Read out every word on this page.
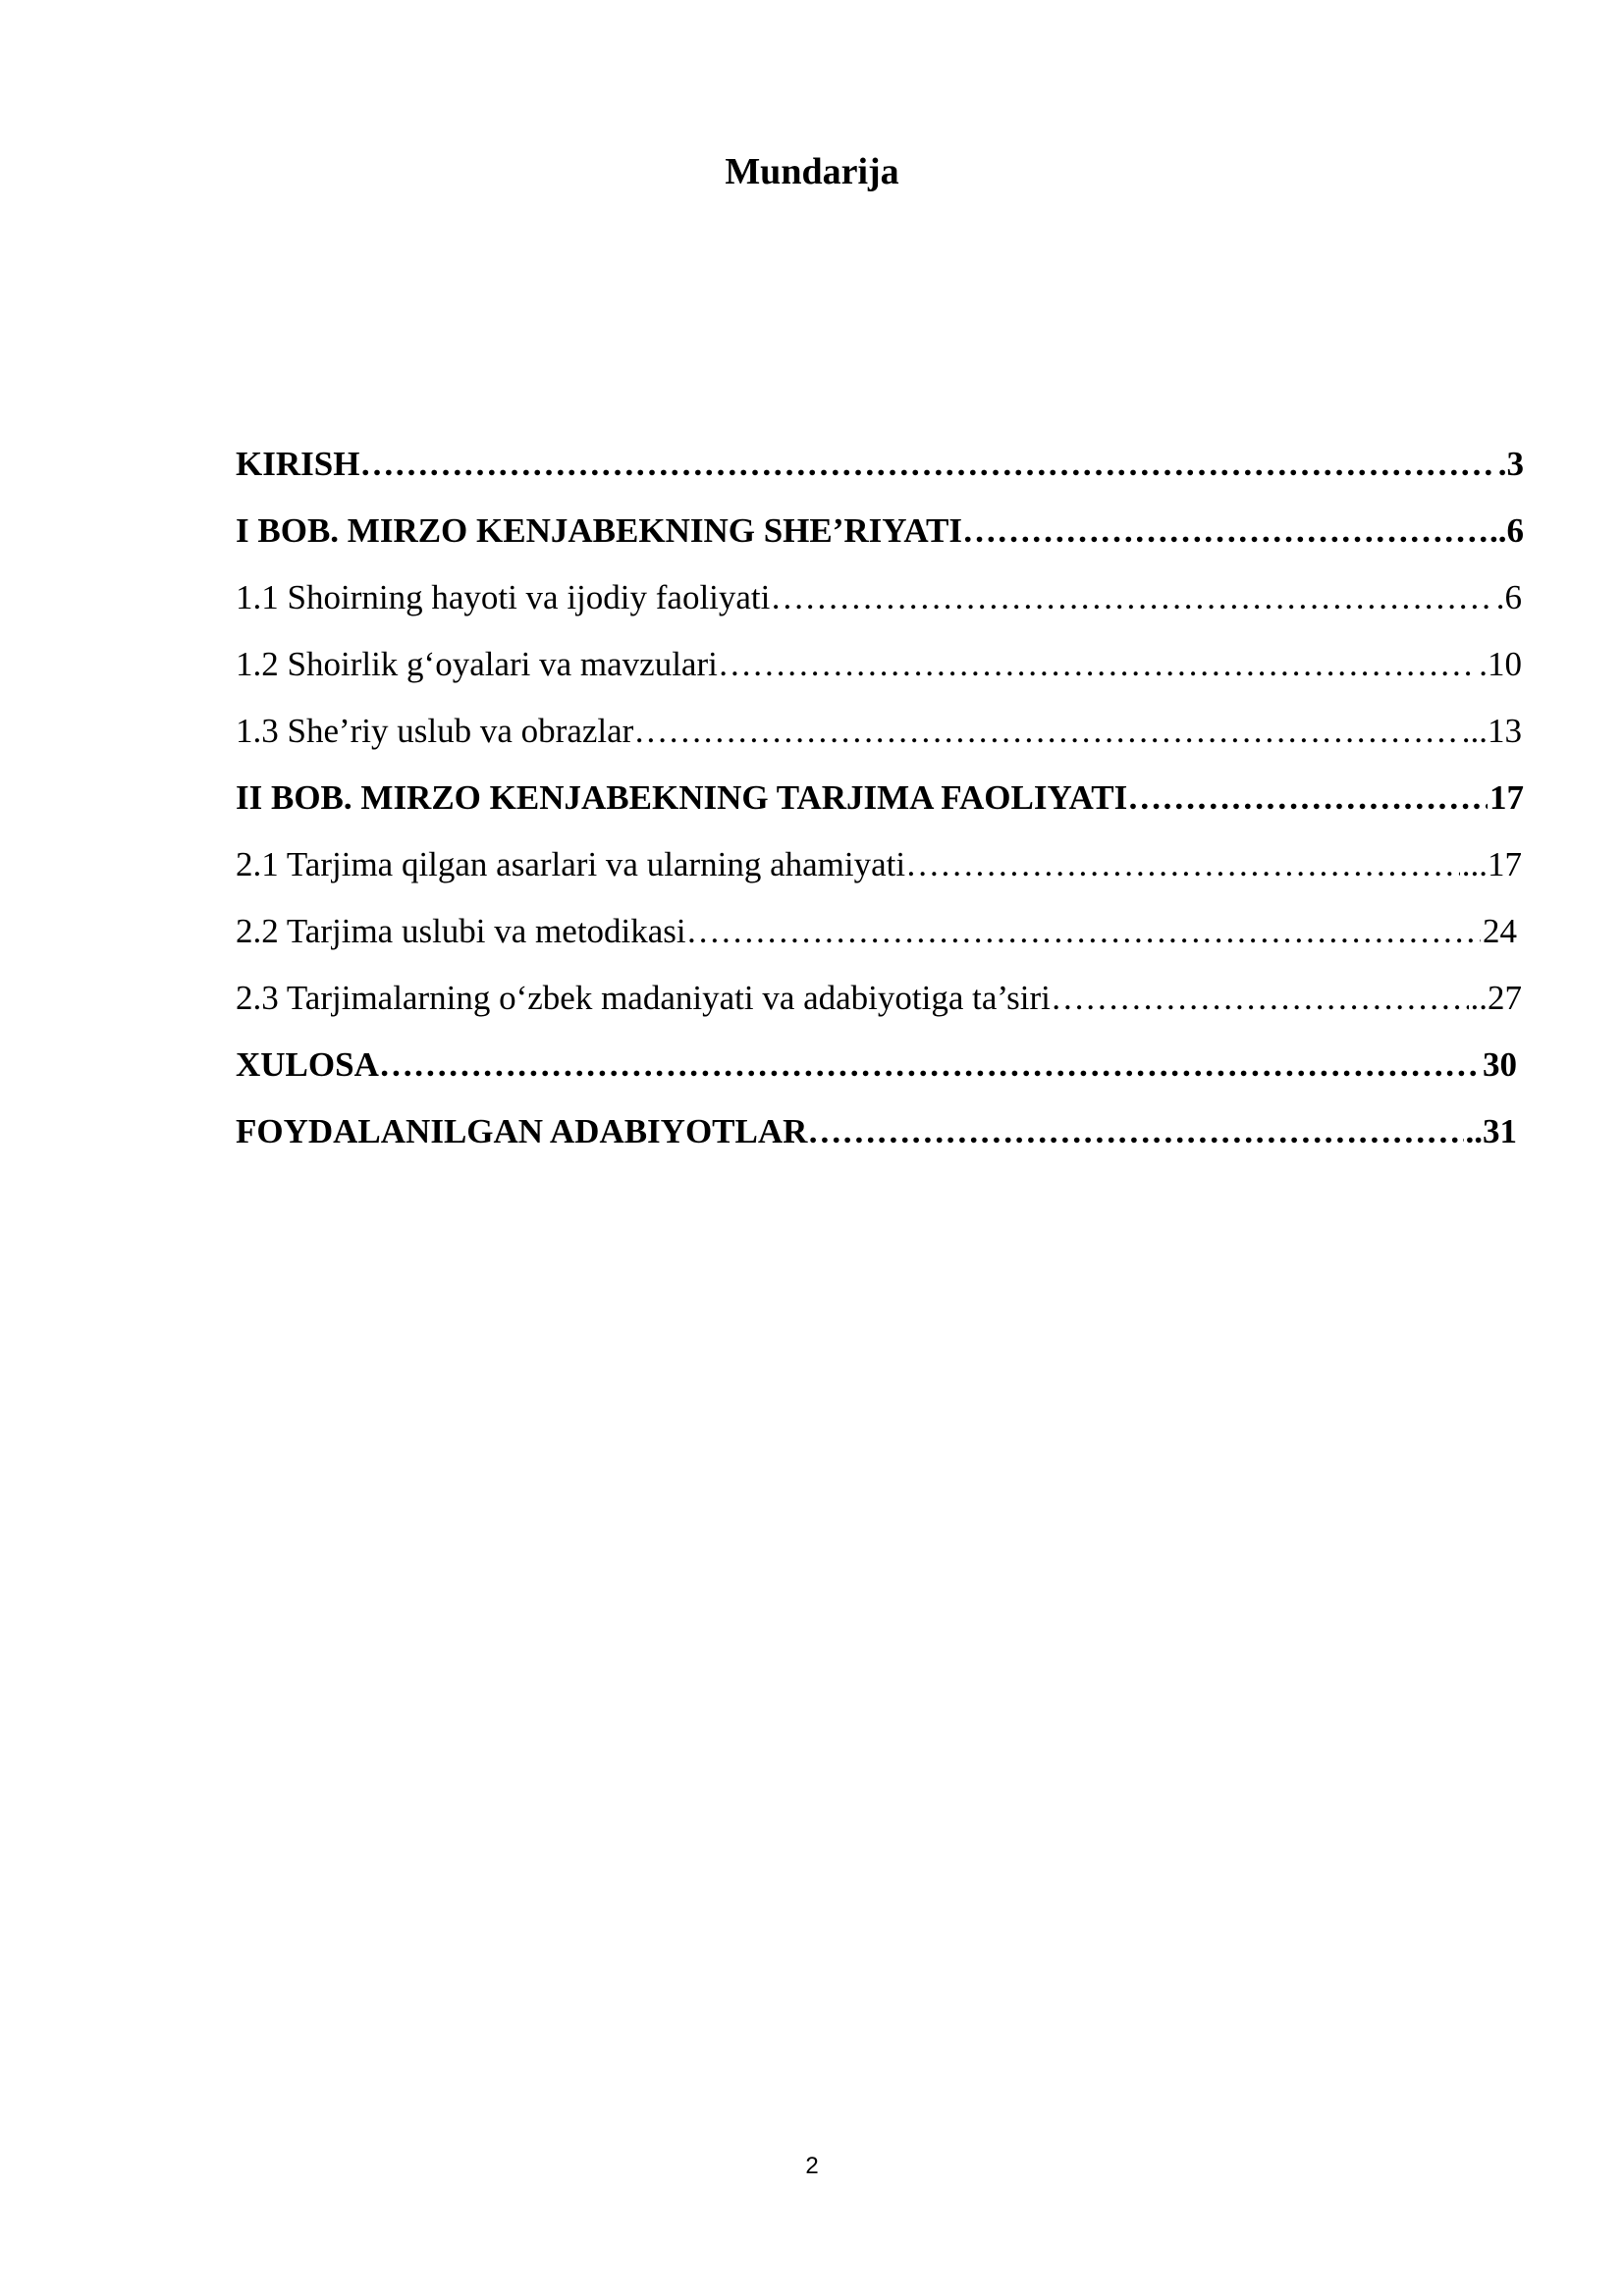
Mundarija
KIRISH ……………………………………………………………………………………………………………………………………………………………………………………………………	.3
I BOB. MIRZO KENJABEKNING SHE’RIYATI ……………………………………………………………………………………………………………………………………………………………………………………………………	..6
1.1 Shoirning hayoti va ijodiy faoliyati ……………………………………………………………………………………………………………………………………………………………………………………………………	.6
1.2 Shoirlik g‘oyalari va mavzulari ……………………………………………………………………………………………………………………………………………………………………………………………………	.10
1.3 She’riy uslub va obrazlar ……………………………………………………………………………………………………………………………………………………………………………………………………	...13
II BOB. MIRZO KENJABEKNING TARJIMA FAOLIYATI ……………………………………………………………………………………………………………………………………………………………………………………………………	17
2.1 Tarjima qilgan asarlari va ularning ahamiyati ……………………………………………………………………………………………………………………………………………………………………………………………………	...17
2.2 Tarjima uslubi va metodikasi ……………………………………………………………………………………………………………………………………………………………………………………………………	24
2.3 Tarjimalarning o‘zbek madaniyati va adabiyotiga ta’siri ……………………………………………………………………………………………………………………………………………………………………………………………………	..27
XULOSA ……………………………………………………………………………………………………………………………………………………………………………………………………	30
FOYDALANILGAN ADABIYOTLAR ……………………………………………………………………………………………………………………………………………………………………………………………………	..31
2
